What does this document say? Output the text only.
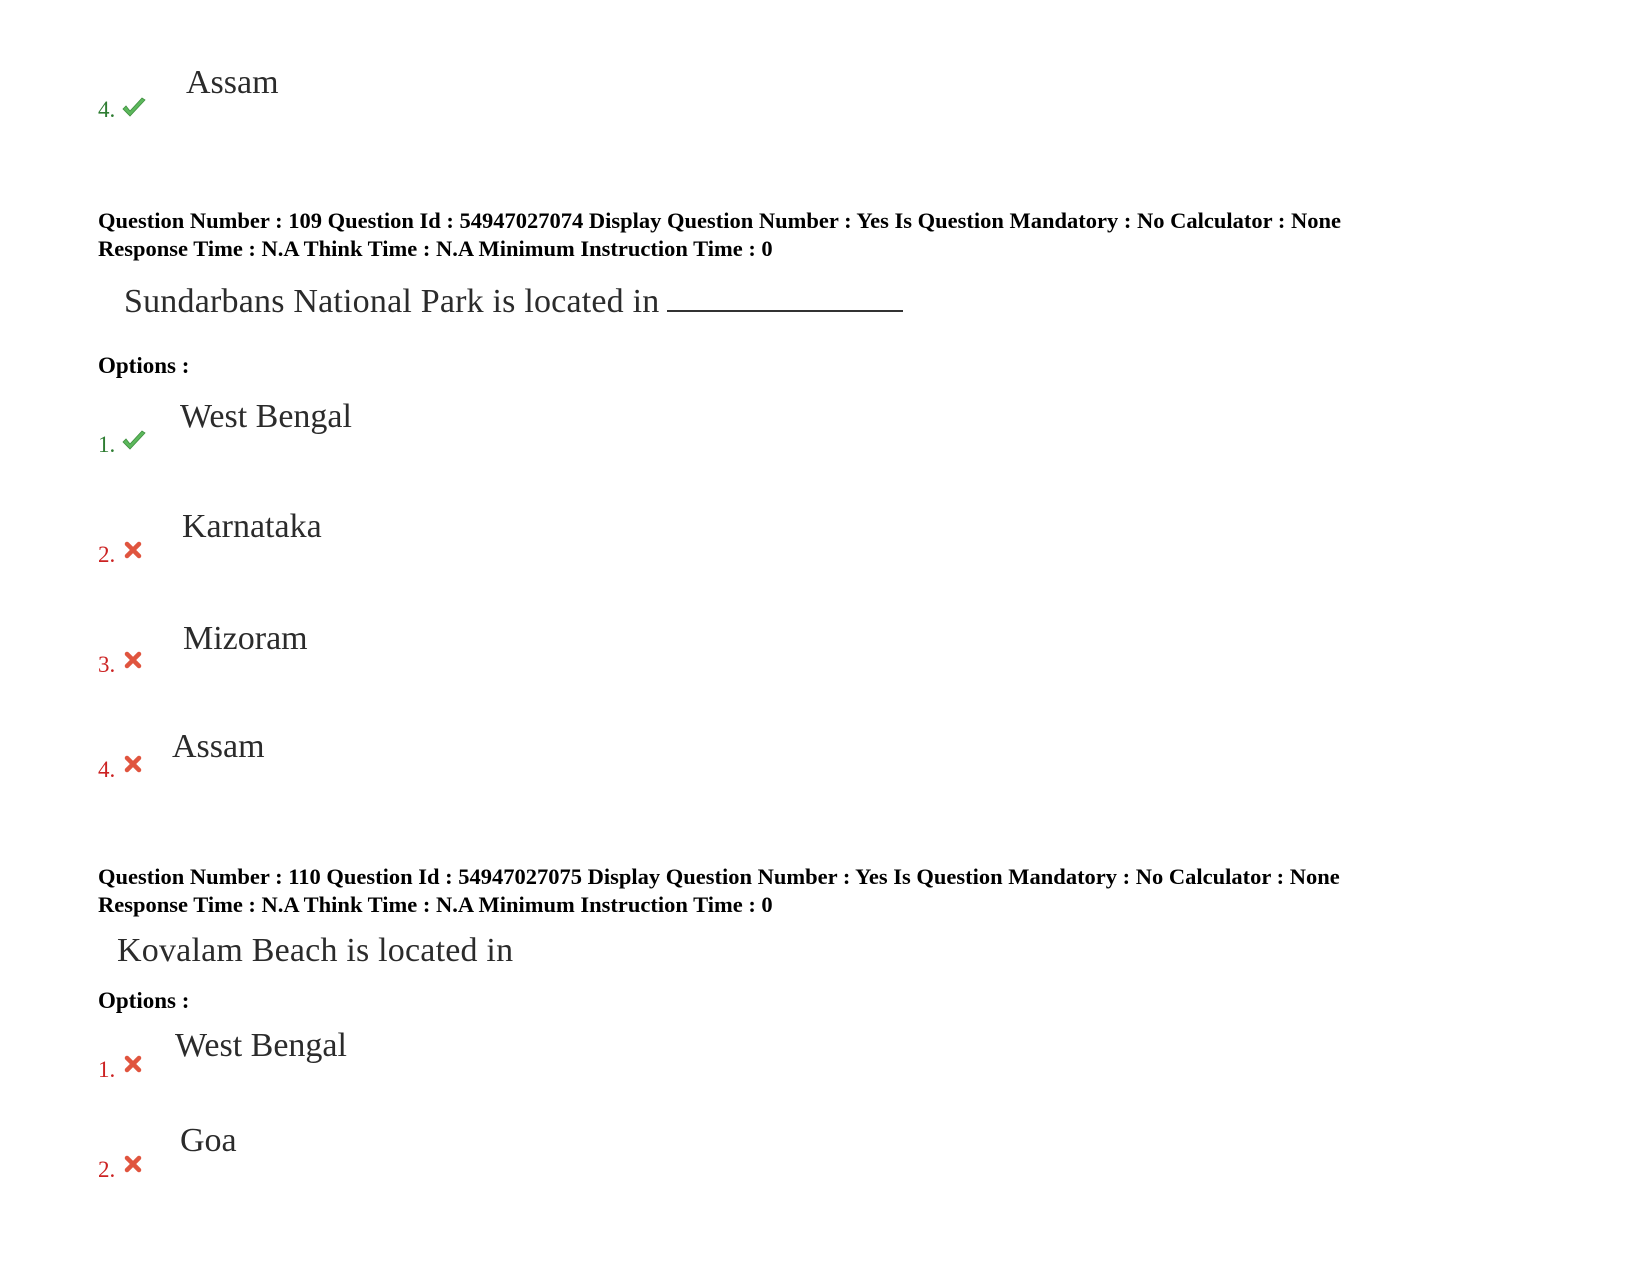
4.
Assam
Question Number : 109 Question Id : 54947027074 Display Question Number : Yes Is Question Mandatory : No Calculator : None
Response Time : N.A Think Time : N.A Minimum Instruction Time : 0
Sundarbans National Park is located in
Options :
1.
West Bengal
2.
Karnataka
3.
Mizoram
4.
Assam
Question Number : 110 Question Id : 54947027075 Display Question Number : Yes Is Question Mandatory : No Calculator : None
Response Time : N.A Think Time : N.A Minimum Instruction Time : 0
Kovalam Beach is located in
Options :
1.
West Bengal
2.
Goa
